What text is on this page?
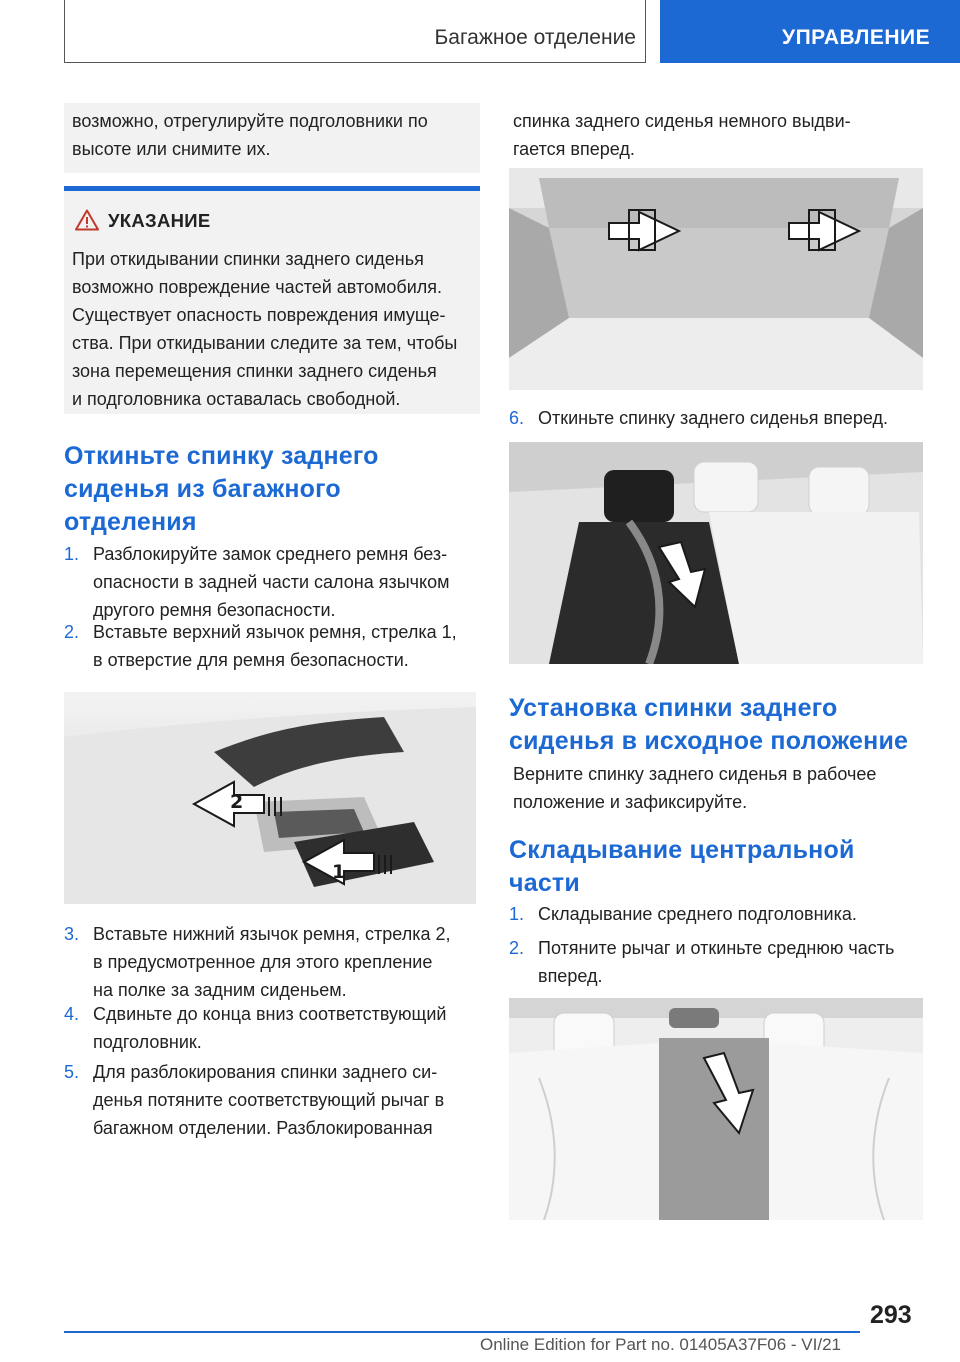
Багажное отделение	УПРАВЛЕНИЕ
возможно, отрегулируйте подголовники по
высоте или снимите их.
УКАЗАНИЕ
При откидывании спинки заднего сиденья
возможно повреждение частей автомобиля.
Существует опасность повреждения имуще-
ства. При откидывании следите за тем, чтобы
зона перемещения спинки заднего сиденья
и подголовника оставалась свободной.
Откиньте спинку заднего
сиденья из багажного
отделения
1. Разблокируйте замок среднего ремня без-
опасности в задней части салона язычком
другого ремня безопасности.
2. Вставьте верхний язычок ремня, стрелка 1,
в отверстие для ремня безопасности.
2
1
3. Вставьте нижний язычок ремня, стрелка 2,
в предусмотренное для этого крепление
на полке за задним сиденьем.
4. Сдвиньте до конца вниз соответствующий
подголовник.
5. Для разблокирования спинки заднего си-
денья потяните соответствующий рычаг в
багажном отделении. Разблокированная
спинка заднего сиденья немного выдви-
гается вперед.
6. Откиньте спинку заднего сиденья вперед.
Установка спинки заднего
сиденья в исходное положение
Верните спинку заднего сиденья в рабочее
положение и зафиксируйте.
Складывание центральной
части
1. Складывание среднего подголовника.
2. Потяните рычаг и откиньте среднюю часть
вперед.
293
Online Edition for Part no. 01405A37F06 - VI/21
